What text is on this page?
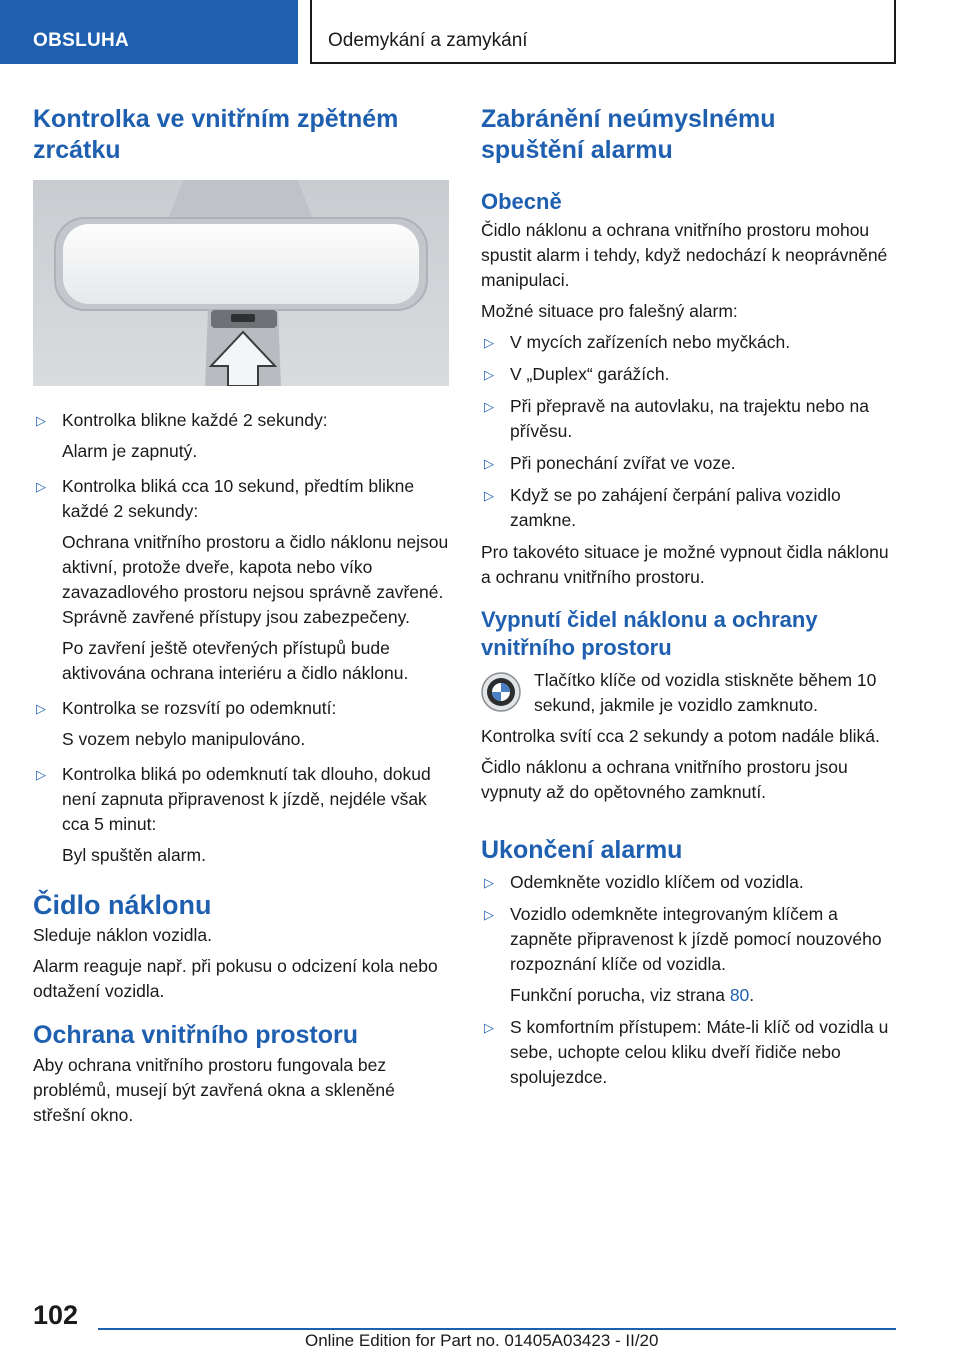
OBSLUHA	Odemykání a zamykání
Kontrolka ve vnitřním zpětném zrcátku
▷ Kontrolka blikne každé 2 sekundy:
Alarm je zapnutý.
▷ Kontrolka bliká cca 10 sekund, předtím blikne každé 2 sekundy:
Ochrana vnitřního prostoru a čidlo náklonu nejsou aktivní, protože dveře, kapota nebo víko zavazadlového prostoru nejsou správně zavřené. Správně zavřené přístupy jsou zabezpečeny.
Po zavření ještě otevřených přístupů bude aktivována ochrana interiéru a čidlo náklonu.
▷ Kontrolka se rozsvítí po odemknutí:
S vozem nebylo manipulováno.
▷ Kontrolka bliká po odemknutí tak dlouho, dokud není zapnuta připravenost k jízdě, nejdéle však cca 5 minut:
Byl spuštěn alarm.
Čidlo náklonu

Sleduje náklon vozidla.

Alarm reaguje např. při pokusu o odcizení kola nebo odtažení vozidla.

Ochrana vnitřního prostoru

Aby ochrana vnitřního prostoru fungovala bez problémů, musejí být zavřená okna a skleněné střešní okno.

Zabránění neúmyslnému spuštění alarmu
Obecně

Čidlo náklonu a ochrana vnitřního prostoru mohou spustit alarm i tehdy, když nedochází k neoprávněné manipulaci.

Možné situace pro falešný alarm:

▷ V mycích zařízeních nebo myčkách.
▷ V „Duplex“ garážích.
▷ Při přepravě na autovlaku, na trajektu nebo na přívěsu.
▷ Při ponechání zvířat ve voze.
▷ Když se po zahájení čerpání paliva vozidlo zamkne.

Pro takovéto situace je možné vypnout čidla náklonu a ochranu vnitřního prostoru.

Vypnutí čidel náklonu a ochrany vnitřního prostoru

Tlačítko klíče od vozidla stiskněte během 10 sekund, jakmile je vozidlo zamknuto.

Kontrolka svítí cca 2 sekundy a potom nadále bliká.

Čidlo náklonu a ochrana vnitřního prostoru jsou vypnuty až do opětovného zamknutí.

Ukončení alarmu
▷ Odemkněte vozidlo klíčem od vozidla.
▷ Vozidlo odemkněte integrovaným klíčem a zapněte připravenost k jízdě pomocí nouzového rozpoznání klíče od vozidla.
Funkční porucha, viz strana 80.
▷ S komfortním přístupem: Máte-li klíč od vozidla u sebe, uchopte celou kliku dveří řidiče nebo spolujezdce.
102
Online Edition for Part no. 01405A03423 - II/20
